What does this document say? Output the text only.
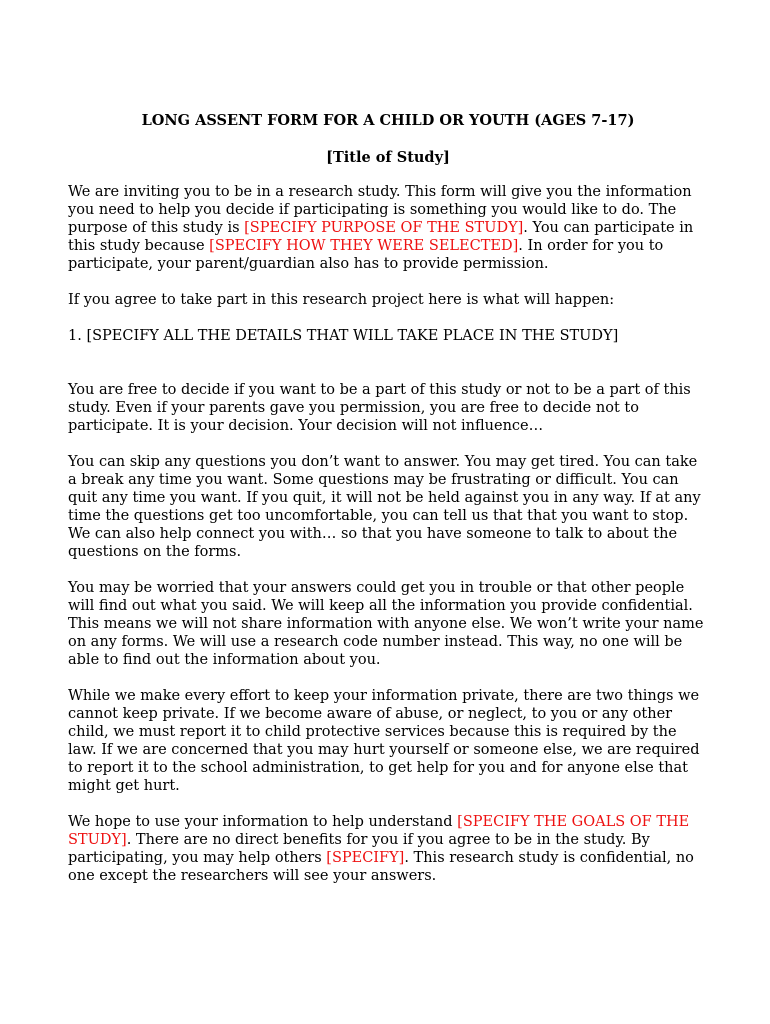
LONG ASSENT FORM FOR A CHILD OR YOUTH (AGES 7-17)
[Title of Study]

We are inviting you to be in a research study. This form will give you the information you need to help you decide if participating is something you would like to do. The purpose of this study is [SPECIFY PURPOSE OF THE STUDY]. You can participate in this study because [SPECIFY HOW THEY WERE SELECTED]. In order for you to participate, your parent/guardian also has to provide permission.

If you agree to take part in this research project here is what will happen:

1. [SPECIFY ALL THE DETAILS THAT WILL TAKE PLACE IN THE STUDY]

You are free to decide if you want to be a part of this study or not to be a part of this study. Even if your parents gave you permission, you are free to decide not to participate. It is your decision. Your decision will not influence…

You can skip any questions you don’t want to answer. You may get tired. You can take a break any time you want. Some questions may be frustrating or difficult. You can quit any time you want. If you quit, it will not be held against you in any way. If at any time the questions get too uncomfortable, you can tell us that that you want to stop. We can also help connect you with… so that you have someone to talk to about the questions on the forms.

You may be worried that your answers could get you in trouble or that other people will find out what you said. We will keep all the information you provide confidential. This means we will not share information with anyone else. We won’t write your name on any forms. We will use a research code number instead. This way, no one will be able to find out the information about you.

While we make every effort to keep your information private, there are two things we cannot keep private. If we become aware of abuse, or neglect, to you or any other child, we must report it to child protective services because this is required by the law. If we are concerned that you may hurt yourself or someone else, we are required to report it to the school administration, to get help for you and for anyone else that might get hurt.

We hope to use your information to help understand [SPECIFY THE GOALS OF THE STUDY]. There are no direct benefits for you if you agree to be in the study. By participating, you may help others [SPECIFY]. This research study is confidential, no one except the researchers will see your answers.
